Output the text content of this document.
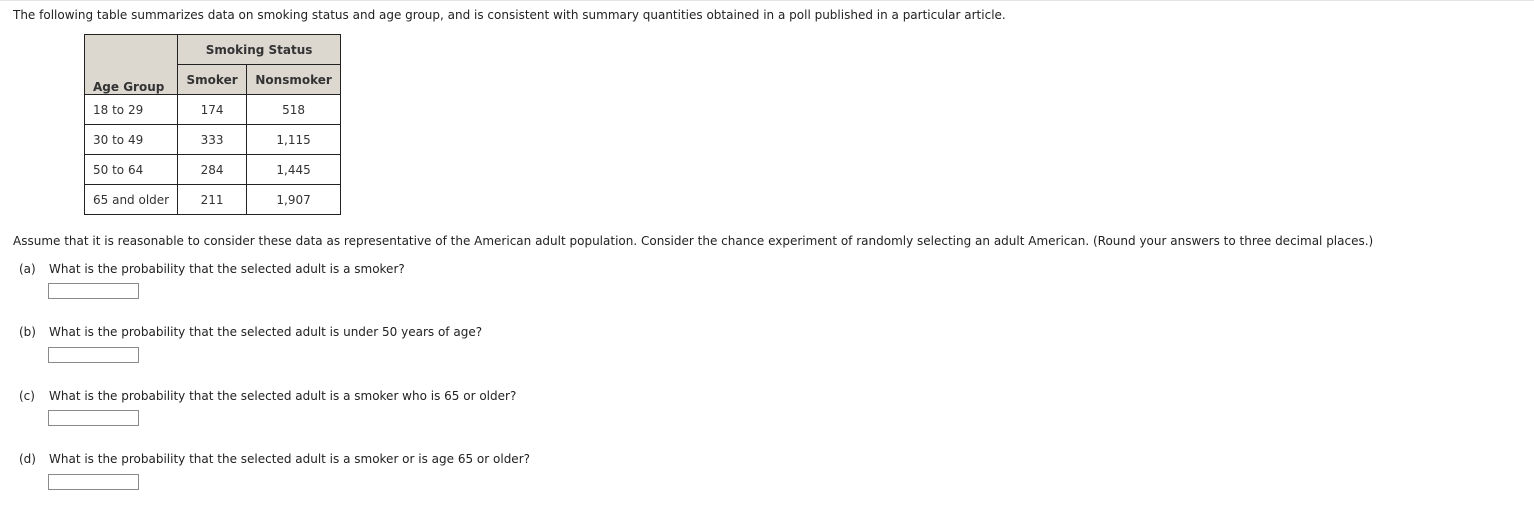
The following table summarizes data on smoking status and age group, and is consistent with summary quantities obtained in a poll published in a particular article.
Age Group	Smoking Status	
	Smoker	Nonsmoker
18 to 29	174	518
30 to 49	333	1,115
50 to 64	284	1,445
65 and older	211	1,907
Assume that it is reasonable to consider these data as representative of the American adult population. Consider the chance experiment of randomly selecting an adult American. (Round your answers to three decimal places.)
(a) What is the probability that the selected adult is a smoker?
(b) What is the probability that the selected adult is under 50 years of age?
(c) What is the probability that the selected adult is a smoker who is 65 or older?
(d) What is the probability that the selected adult is a smoker or is age 65 or older?
